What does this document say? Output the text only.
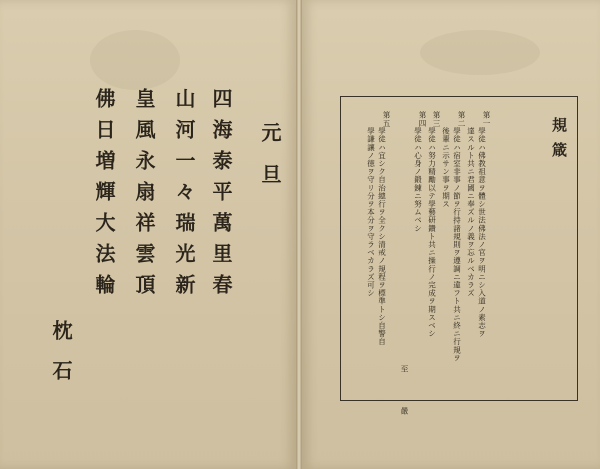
元旦
四海泰平萬里春
山河一々瑞光新
皇風永扇祥雲頂
佛日増輝大法輪
枕石
規箴
第一
學徒ハ佛教祖意ヲ體シ世法佛法ノ官ヲ明ニシ入道ノ素志ヲ
達スルト共ニ君國ニ奉ズルノ義ヲ忘ルベカラズ
第二
學徒ハ宿室非事ノ節ヲ行持諸規則ヲ遵調ニ違フト共ニ終ニ行規ヲ
後輩ニ示サン事ヲ期ス
第三
學徒ハ努力精勵以テ學藝研鑽ト共ニ操行ノ完成ヲ期スベシ
第四
學徒ハ心身ノ鍛錬ニ努ムベシ
第五
學徒ハ宜シク自治總行ヲ全クシ清戒ノ規程ヲ標準トシ自警自
學謙讓ノ徳ヲ守リ分ヲ本分ヲ守ラベカラズ可シ
至 　嚴
